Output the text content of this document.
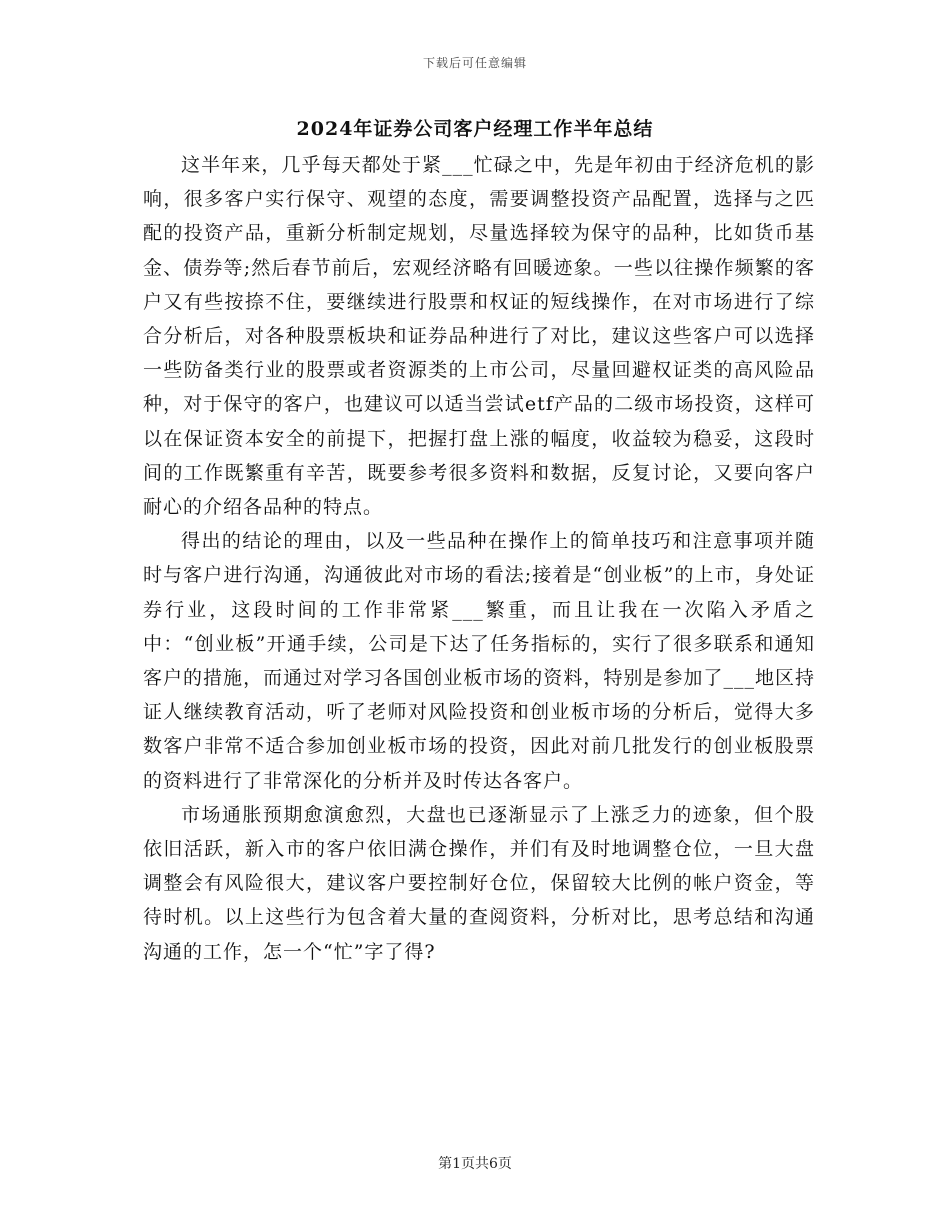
下载后可任意编辑
2024年证券公司客户经理工作半年总结

这半年来，几乎每天都处于紧___忙碌之中，先是年初由于经济危机的影响，很多客户实行保守、观望的态度，需要调整投资产品配置，选择与之匹配的投资产品，重新分析制定规划，尽量选择较为保守的品种，比如货币基金、债券等;然后春节前后，宏观经济略有回暖迹象。一些以往操作频繁的客户又有些按捺不住，要继续进行股票和权证的短线操作，在对市场进行了综合分析后，对各种股票板块和证券品种进行了对比，建议这些客户可以选择一些防备类行业的股票或者资源类的上市公司，尽量回避权证类的高风险品种，对于保守的客户，也建议可以适当尝试etf产品的二级市场投资，这样可以在保证资本安全的前提下，把握打盘上涨的幅度，收益较为稳妥，这段时间的工作既繁重有辛苦，既要参考很多资料和数据，反复讨论，又要向客户耐心的介绍各品种的特点。

得出的结论的理由，以及一些品种在操作上的简单技巧和注意事项并随时与客户进行沟通，沟通彼此对市场的看法;接着是“创业板”的上市，身处证券行业，这段时间的工作非常紧___繁重，而且让我在一次陷入矛盾之中：“创业板”开通手续，公司是下达了任务指标的，实行了很多联系和通知客户的措施，而通过对学习各国创业板市场的资料，特别是参加了___地区持证人继续教育活动，听了老师对风险投资和创业板市场的分析后，觉得大多数客户非常不适合参加创业板市场的投资，因此对前几批发行的创业板股票的资料进行了非常深化的分析并及时传达各客户。

市场通胀预期愈演愈烈，大盘也已逐渐显示了上涨乏力的迹象，但个股依旧活跃，新入市的客户依旧满仓操作，并们有及时地调整仓位，一旦大盘调整会有风险很大，建议客户要控制好仓位，保留较大比例的帐户资金，等待时机。以上这些行为包含着大量的查阅资料，分析对比，思考总结和沟通沟通的工作，怎一个“忙”字了得?

第1页共6页
